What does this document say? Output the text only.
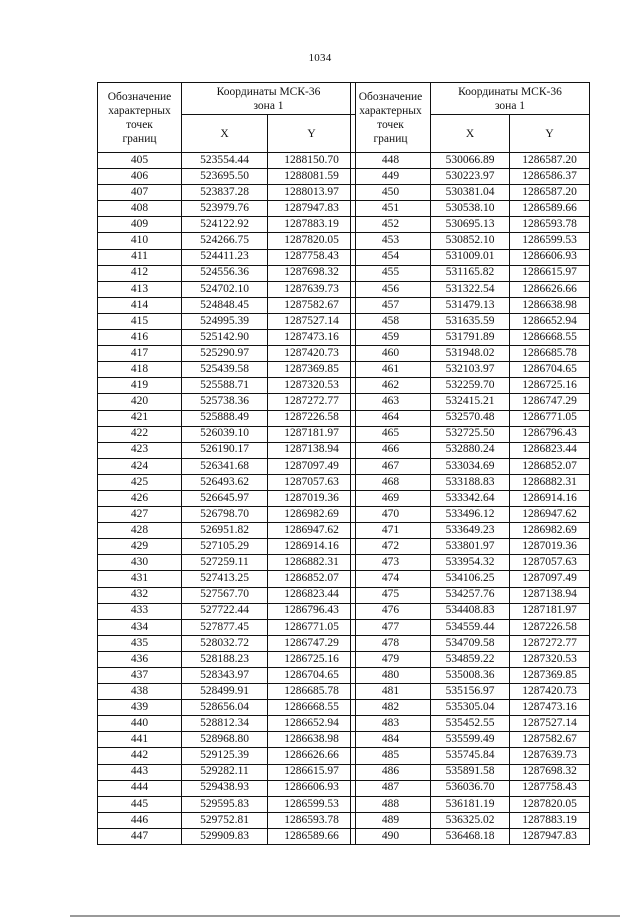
1034
Обозначение
характерных
точек
границ	Координаты МСК-36
зона 1	

	X	Y
405	523554.44	1288150.70
406	523695.50	1288081.59
407	523837.28	1288013.97
408	523979.76	1287947.83
409	524122.92	1287883.19
410	524266.75	1287820.05
411	524411.23	1287758.43
412	524556.36	1287698.32
413	524702.10	1287639.73
414	524848.45	1287582.67
415	524995.39	1287527.14
416	525142.90	1287473.16
417	525290.97	1287420.73
418	525439.58	1287369.85
419	525588.71	1287320.53
420	525738.36	1287272.77
421	525888.49	1287226.58
422	526039.10	1287181.97
423	526190.17	1287138.94
424	526341.68	1287097.49
425	526493.62	1287057.63
426	526645.97	1287019.36
427	526798.70	1286982.69
428	526951.82	1286947.62
429	527105.29	1286914.16
430	527259.11	1286882.31
431	527413.25	1286852.07
432	527567.70	1286823.44
433	527722.44	1286796.43
434	527877.45	1286771.05
435	528032.72	1286747.29
436	528188.23	1286725.16
437	528343.97	1286704.65
438	528499.91	1286685.78
439	528656.04	1286668.55
440	528812.34	1286652.94
441	528968.80	1286638.98
442	529125.39	1286626.66
443	529282.11	1286615.97
444	529438.93	1286606.93
445	529595.83	1286599.53
446	529752.81	1286593.78
447	529909.83	1286589.66
Обозначение
характерных
точек
границ	Координаты МСК-36
зона 1	

	X	Y
448	530066.89	1286587.20
449	530223.97	1286586.37
450	530381.04	1286587.20
451	530538.10	1286589.66
452	530695.13	1286593.78
453	530852.10	1286599.53
454	531009.01	1286606.93
455	531165.82	1286615.97
456	531322.54	1286626.66
457	531479.13	1286638.98
458	531635.59	1286652.94
459	531791.89	1286668.55
460	531948.02	1286685.78
461	532103.97	1286704.65
462	532259.70	1286725.16
463	532415.21	1286747.29
464	532570.48	1286771.05
465	532725.50	1286796.43
466	532880.24	1286823.44
467	533034.69	1286852.07
468	533188.83	1286882.31
469	533342.64	1286914.16
470	533496.12	1286947.62
471	533649.23	1286982.69
472	533801.97	1287019.36
473	533954.32	1287057.63
474	534106.25	1287097.49
475	534257.76	1287138.94
476	534408.83	1287181.97
477	534559.44	1287226.58
478	534709.58	1287272.77
479	534859.22	1287320.53
480	535008.36	1287369.85
481	535156.97	1287420.73
482	535305.04	1287473.16
483	535452.55	1287527.14
484	535599.49	1287582.67
485	535745.84	1287639.73
486	535891.58	1287698.32
487	536036.70	1287758.43
488	536181.19	1287820.05
489	536325.02	1287883.19
490	536468.18	1287947.83
